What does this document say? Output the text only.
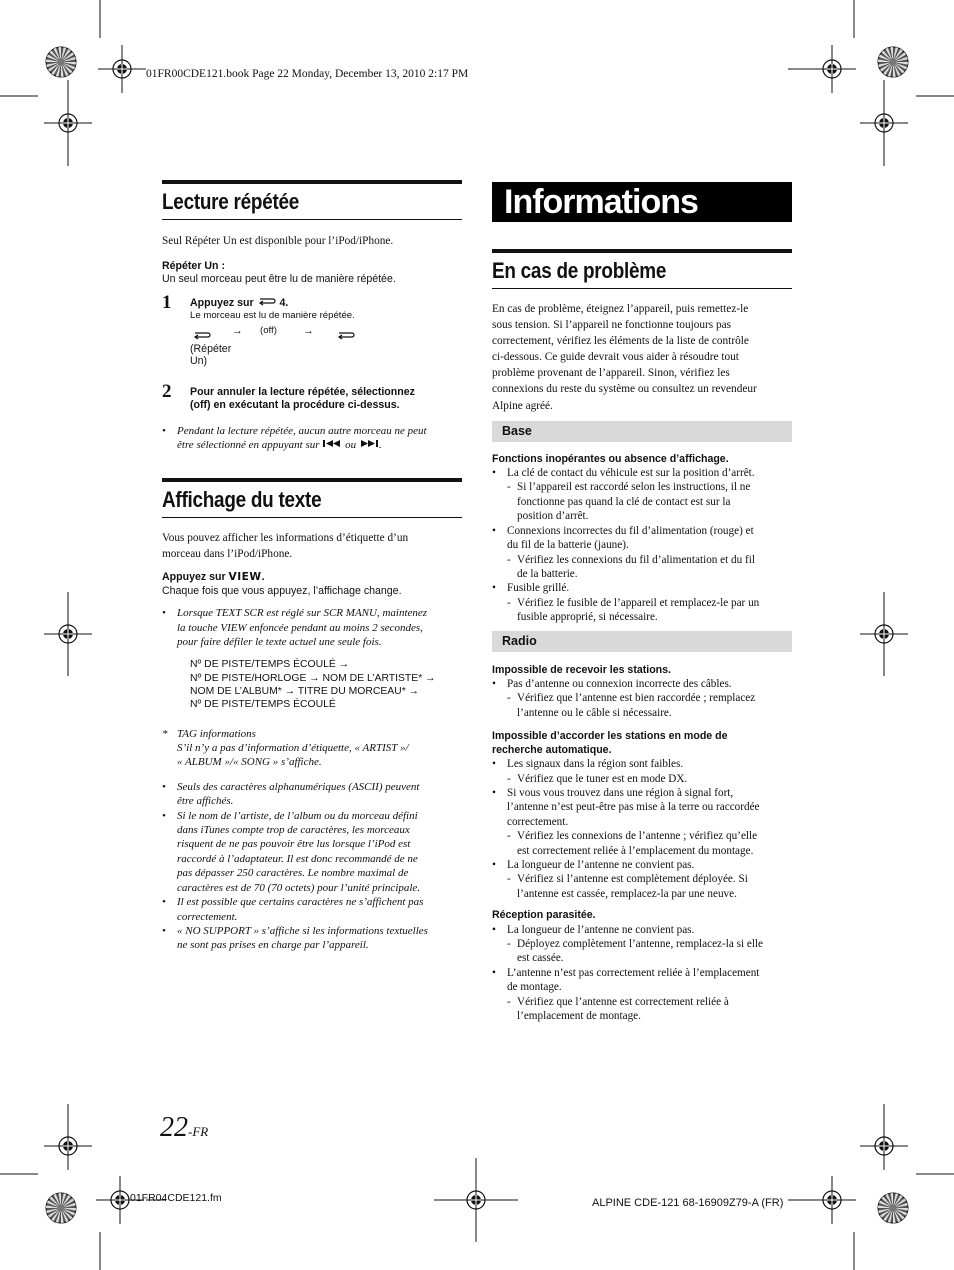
01FR00CDE121.book Page 22 Monday, December 13, 2010 2:17 PM
Lecture répétée
Seul Répéter Un est disponible pour l’iPod/iPhone.
Répéter Un :
Un seul morceau peut être lu de manière répétée.
1 Appuyez sur 4.
Le morceau est lu de manière répétée.
→ (off) →
(Répéter
Un)
2 Pour annuler la lecture répétée, sélectionnez
(off) en exécutant la procédure ci-dessus.
•	Pendant la lecture répétée, aucun autre morceau ne peut
être sélectionné en appuyant sur ou .
Affichage du texte
Vous pouvez afficher les informations d’étiquette d’un
morceau dans l’iPod/iPhone.
Appuyez sur VIEW.
Chaque fois que vous appuyez, l’affichage change.
•	Lorsque TEXT SCR est réglé sur SCR MANU, maintenez
la touche VIEW enfoncée pendant au moins 2 secondes,
pour faire défiler le texte actuel une seule fois.
Nº DE PISTE/TEMPS ÉCOULÉ →
Nº DE PISTE/HORLOGE → NOM DE L’ARTISTE* →
NOM DE L’ALBUM* → TITRE DU MORCEAU* →
Nº DE PISTE/TEMPS ÉCOULÉ
* TAG informations
S’il n’y a pas d’information d’étiquette, « ARTIST »/
« ALBUM »/« SONG » s’affiche.
•	Seuls des caractères alphanumériques (ASCII) peuvent
être affichés.
•	Si le nom de l’artiste, de l’album ou du morceau défini
dans iTunes compte trop de caractères, les morceaux
risquent de ne pas pouvoir être lus lorsque l’iPod est
raccordé à l’adaptateur. Il est donc recommandé de ne
pas dépasser 250 caractères. Le nombre maximal de
caractères est de 70 (70 octets) pour l’unité principale.
•	Il est possible que certains caractères ne s’affichent pas
correctement.
•	« NO SUPPORT » s’affiche si les informations textuelles
ne sont pas prises en charge par l’appareil.
Informations
En cas de problème
En cas de problème, éteignez l’appareil, puis remettez-le
sous tension. Si l’appareil ne fonctionne toujours pas
correctement, vérifiez les éléments de la liste de contrôle
ci-dessous. Ce guide devrait vous aider à résoudre tout
problème provenant de l’appareil. Sinon, vérifiez les
connexions du reste du système ou consultez un revendeur
Alpine agréé.
Base
Fonctions inopérantes ou absence d’affichage.
• La clé de contact du véhicule est sur la position d’arrêt.
- Si l’appareil est raccordé selon les instructions, il ne
fonctionne pas quand la clé de contact est sur la
position d’arrêt.
• Connexions incorrectes du fil d’alimentation (rouge) et
du fil de la batterie (jaune).
- Vérifiez les connexions du fil d’alimentation et du fil
de la batterie.
• Fusible grillé.
- Vérifiez le fusible de l’appareil et remplacez-le par un
fusible approprié, si nécessaire.
Radio
Impossible de recevoir les stations.
• Pas d’antenne ou connexion incorrecte des câbles.
- Vérifiez que l’antenne est bien raccordée ; remplacez
l’antenne ou le câble si nécessaire.
Impossible d’accorder les stations en mode de
recherche automatique.
• Les signaux dans la région sont faibles.
- Vérifiez que le tuner est en mode DX.
• Si vous vous trouvez dans une région à signal fort,
l’antenne n’est peut-être pas mise à la terre ou raccordée
correctement.
- Vérifiez les connexions de l’antenne ; vérifiez qu’elle
est correctement reliée à l’emplacement du montage.
• La longueur de l’antenne ne convient pas.
- Vérifiez si l’antenne est complètement déployée. Si
l’antenne est cassée, remplacez-la par une neuve.
Réception parasitée.
• La longueur de l’antenne ne convient pas.
- Déployez complètement l’antenne, remplacez-la si elle
est cassée.
• L’antenne n’est pas correctement reliée à l’emplacement
de montage.
- Vérifiez que l’antenne est correctement reliée à
l’emplacement de montage.
22-FR
01FR04CDE121.fm	ALPINE CDE-121 68-16909Z79-A (FR)
